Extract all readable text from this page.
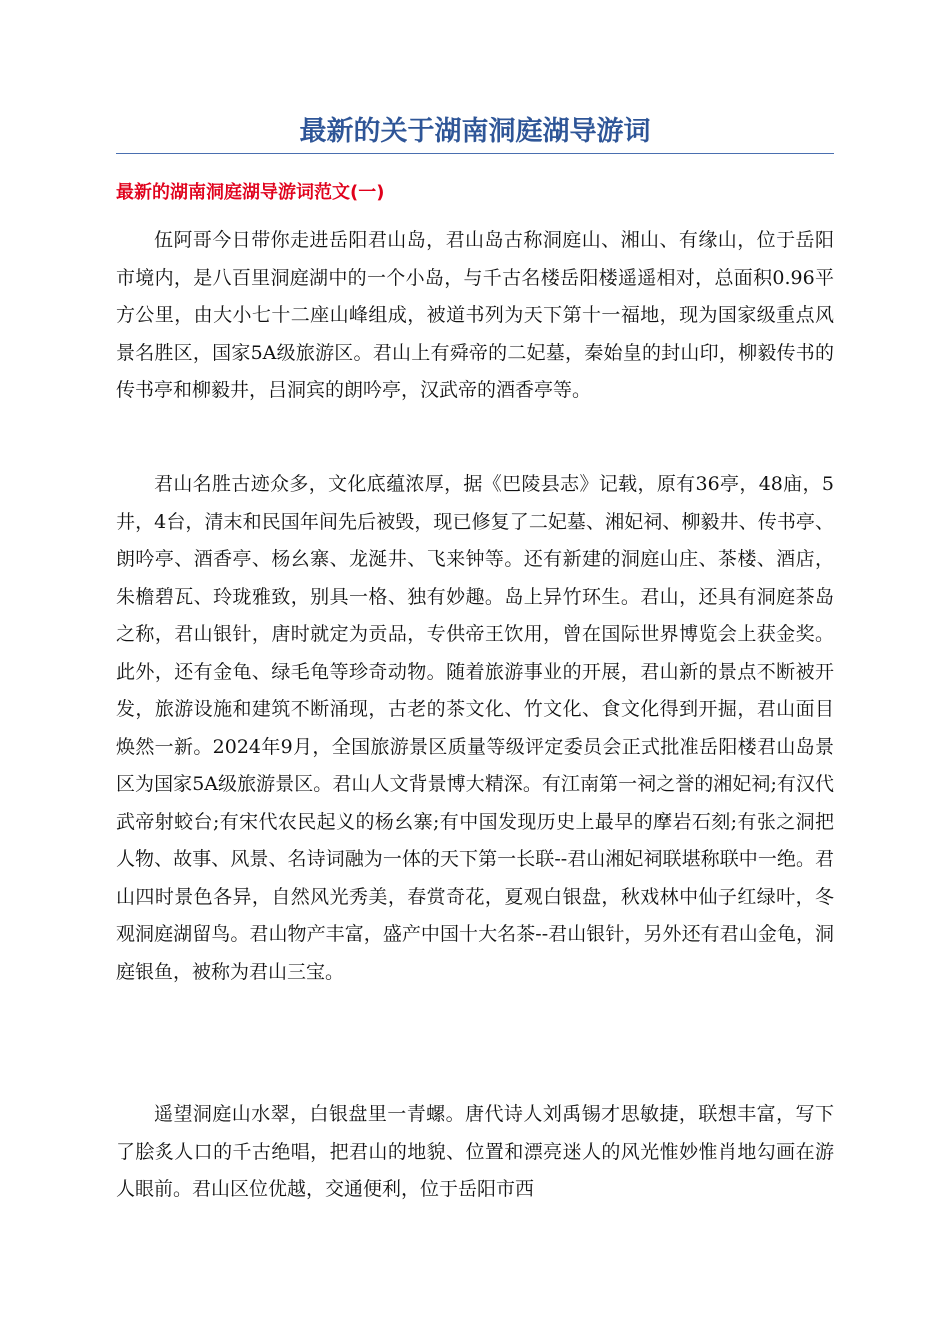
最新的关于湖南洞庭湖导游词
最新的湖南洞庭湖导游词范文(一)

伍阿哥今日带你走进岳阳君山岛，君山岛古称洞庭山、湘山、有缘山，位于岳阳市境内，是八百里洞庭湖中的一个小岛，与千古名楼岳阳楼遥遥相对，总面积0.96平方公里，由大小七十二座山峰组成，被道书列为天下第十一福地，现为国家级重点风景名胜区，国家5A级旅游区。君山上有舜帝的二妃墓，秦始皇的封山印，柳毅传书的传书亭和柳毅井，吕洞宾的朗吟亭，汉武帝的酒香亭等。

君山名胜古迹众多，文化底蕴浓厚，据《巴陵县志》记载，原有36亭，48庙，5井，4台，清末和民国年间先后被毁，现已修复了二妃墓、湘妃祠、柳毅井、传书亭、朗吟亭、酒香亭、杨幺寨、龙涎井、飞来钟等。还有新建的洞庭山庄、茶楼、酒店，朱檐碧瓦、玲珑雅致，别具一格、独有妙趣。岛上异竹环生。君山，还具有洞庭茶岛之称，君山银针，唐时就定为贡品，专供帝王饮用，曾在国际世界博览会上获金奖。此外，还有金龟、绿毛龟等珍奇动物。随着旅游事业的开展，君山新的景点不断被开发，旅游设施和建筑不断涌现，古老的茶文化、竹文化、食文化得到开掘，君山面目焕然一新。2024年9月，全国旅游景区质量等级评定委员会正式批准岳阳楼君山岛景区为国家5A级旅游景区。君山人文背景博大精深。有江南第一祠之誉的湘妃祠;有汉代武帝射蛟台;有宋代农民起义的杨幺寨;有中国发现历史上最早的摩岩石刻;有张之洞把人物、故事、风景、名诗词融为一体的天下第一长联--君山湘妃祠联堪称联中一绝。君山四时景色各异，自然风光秀美，春赏奇花，夏观白银盘，秋戏林中仙子红绿叶，冬观洞庭湖留鸟。君山物产丰富，盛产中国十大名茶--君山银针，另外还有君山金龟，洞庭银鱼，被称为君山三宝。

遥望洞庭山水翠，白银盘里一青螺。唐代诗人刘禹锡才思敏捷，联想丰富，写下了脍炙人口的千古绝唱，把君山的地貌、位置和漂亮迷人的风光惟妙惟肖地勾画在游人眼前。君山区位优越，交通便利，位于岳阳市西
